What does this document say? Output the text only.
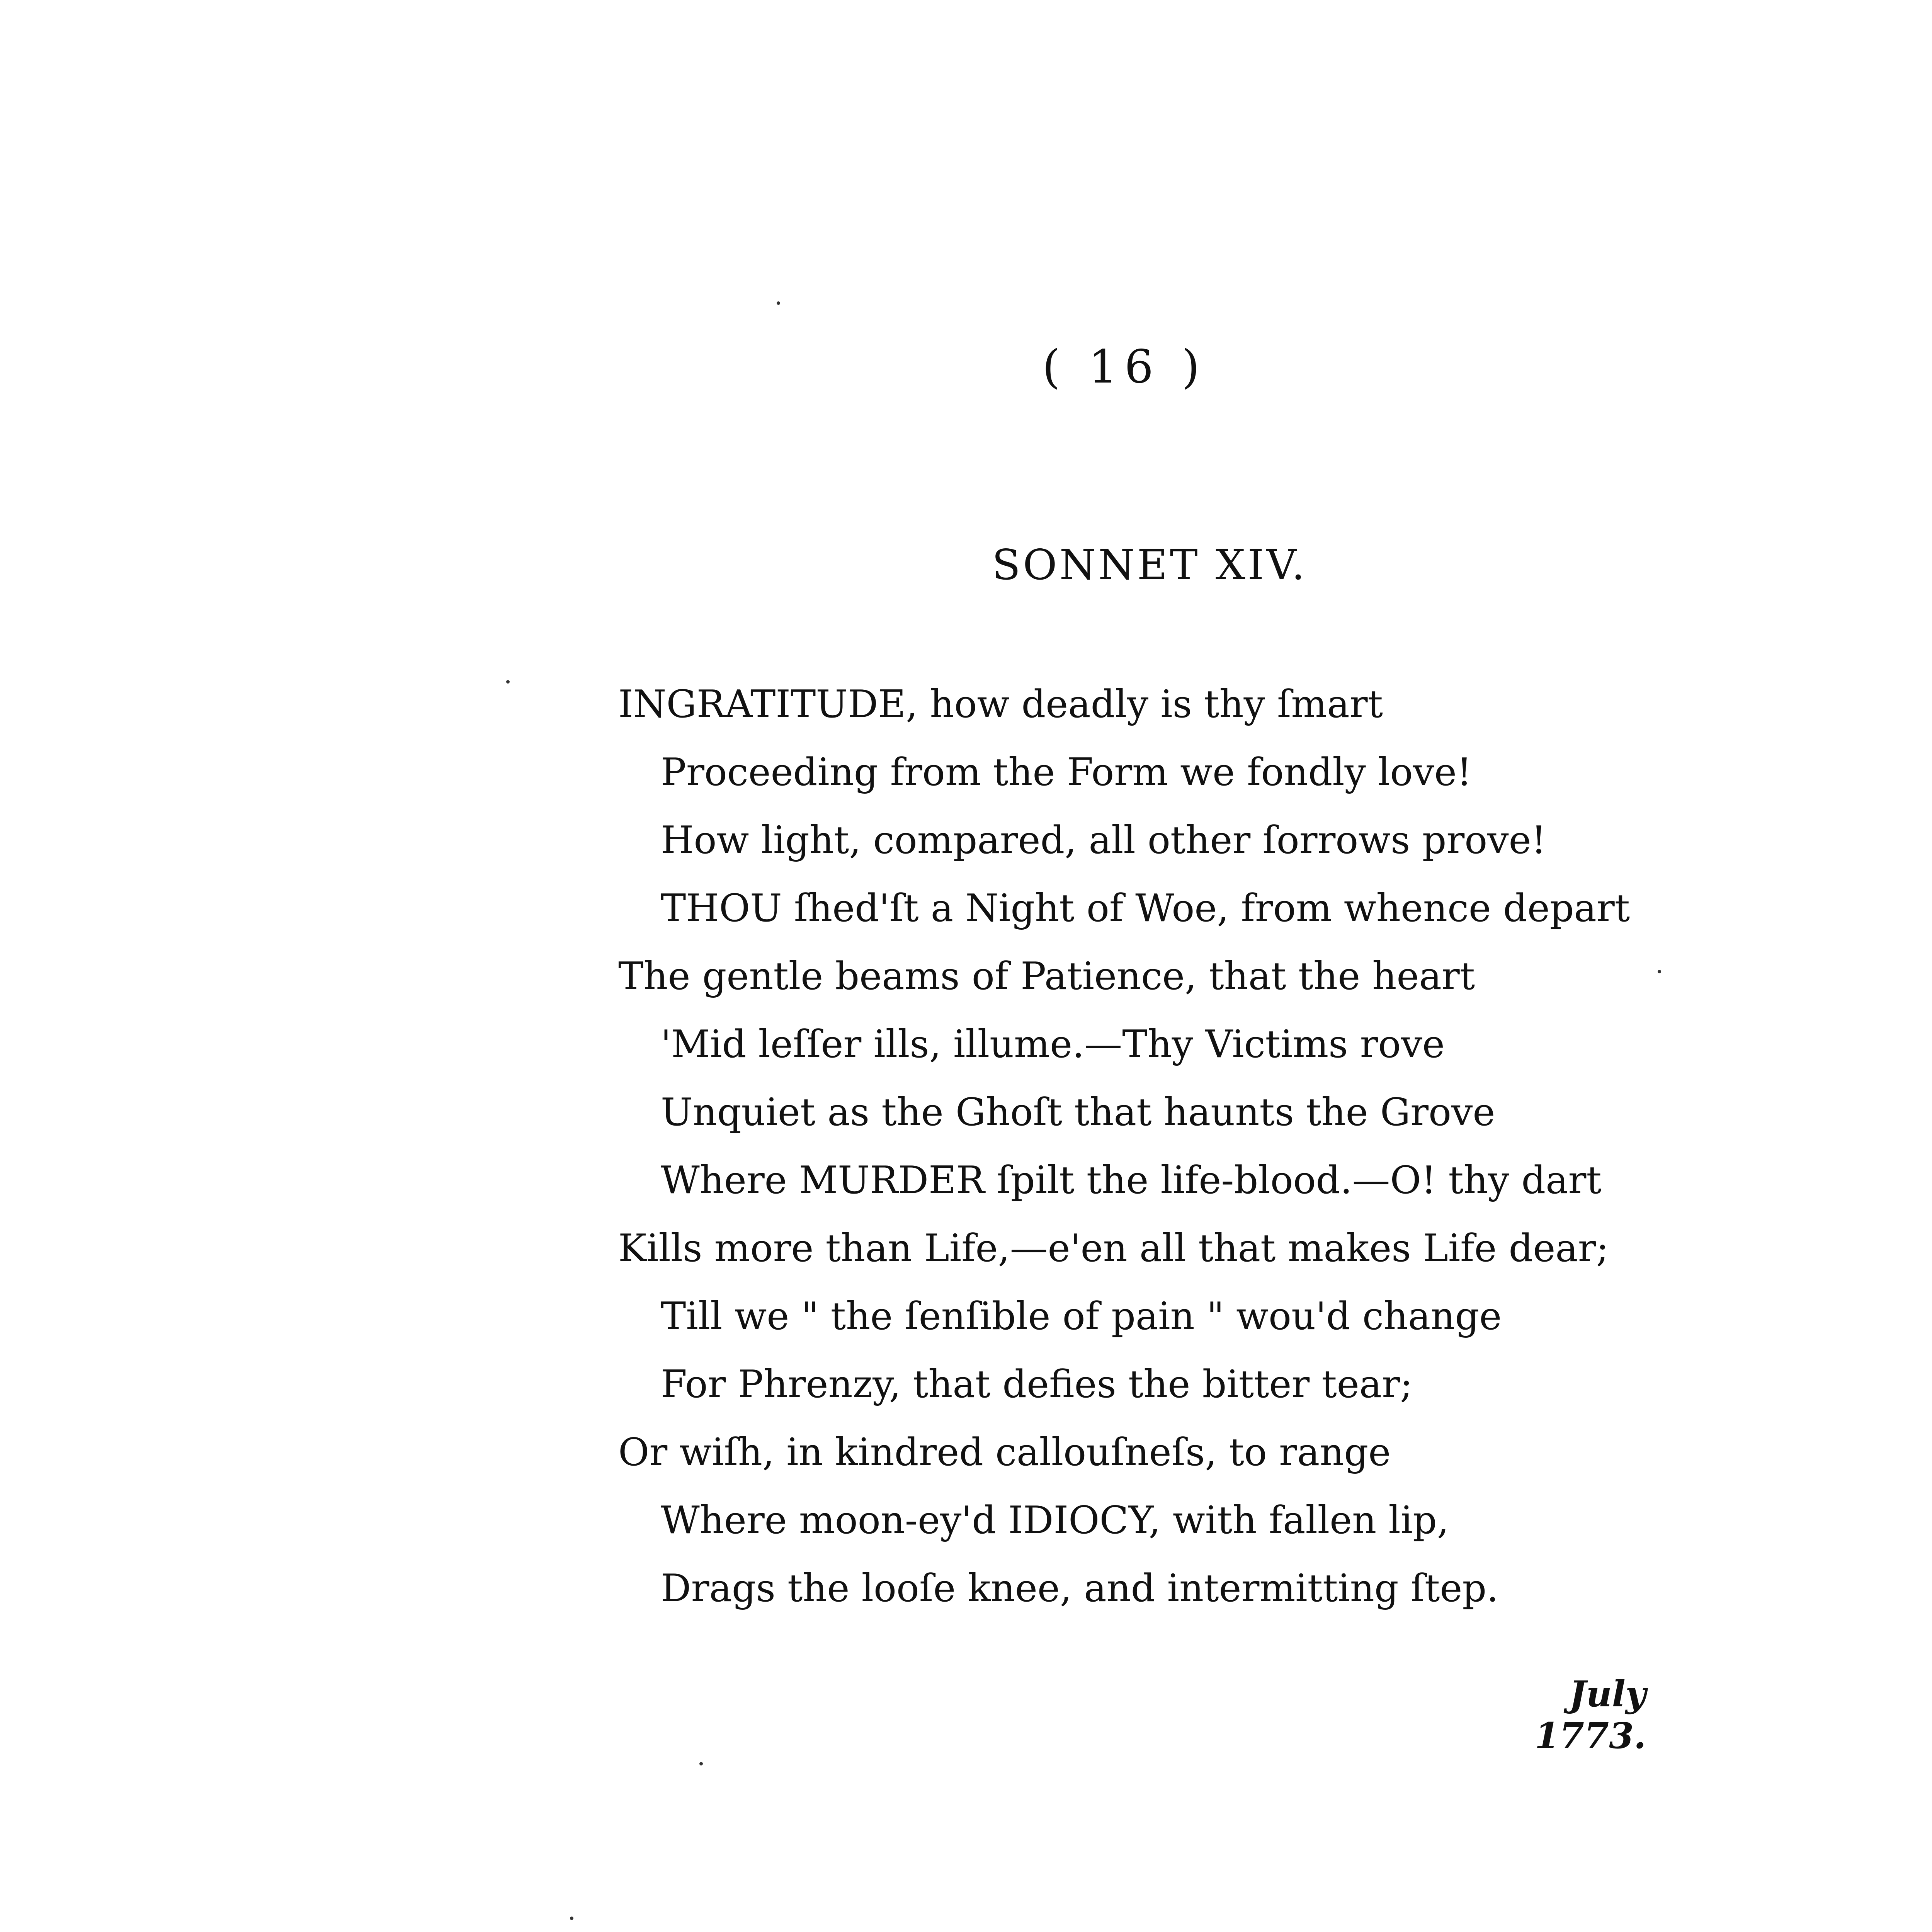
( 16 )
SONNET XIV.
INGRATITUDE, how deadly is thy ſmart
Proceeding from the Form we fondly love!
How light, compared, all other ſorrows prove!
THOU ſhed'ſt a Night of Woe, from whence depart
The gentle beams of Patience, that the heart
'Mid leſſer ills, illume.—Thy Victims rove
Unquiet as the Ghoſt that haunts the Grove
Where MURDER ſpilt the life-blood.—O! thy dart
Kills more than Life,—e'en all that makes Life dear;
Till we " the ſenſible of pain " wou'd change
For Phrenzy, that defies the bitter tear;
Or wiſh, in kindred callouſneſs, to range
Where moon-ey'd IDIOCY, with fallen lip,
Drags the looſe knee, and intermitting ſtep.
July 1773.
